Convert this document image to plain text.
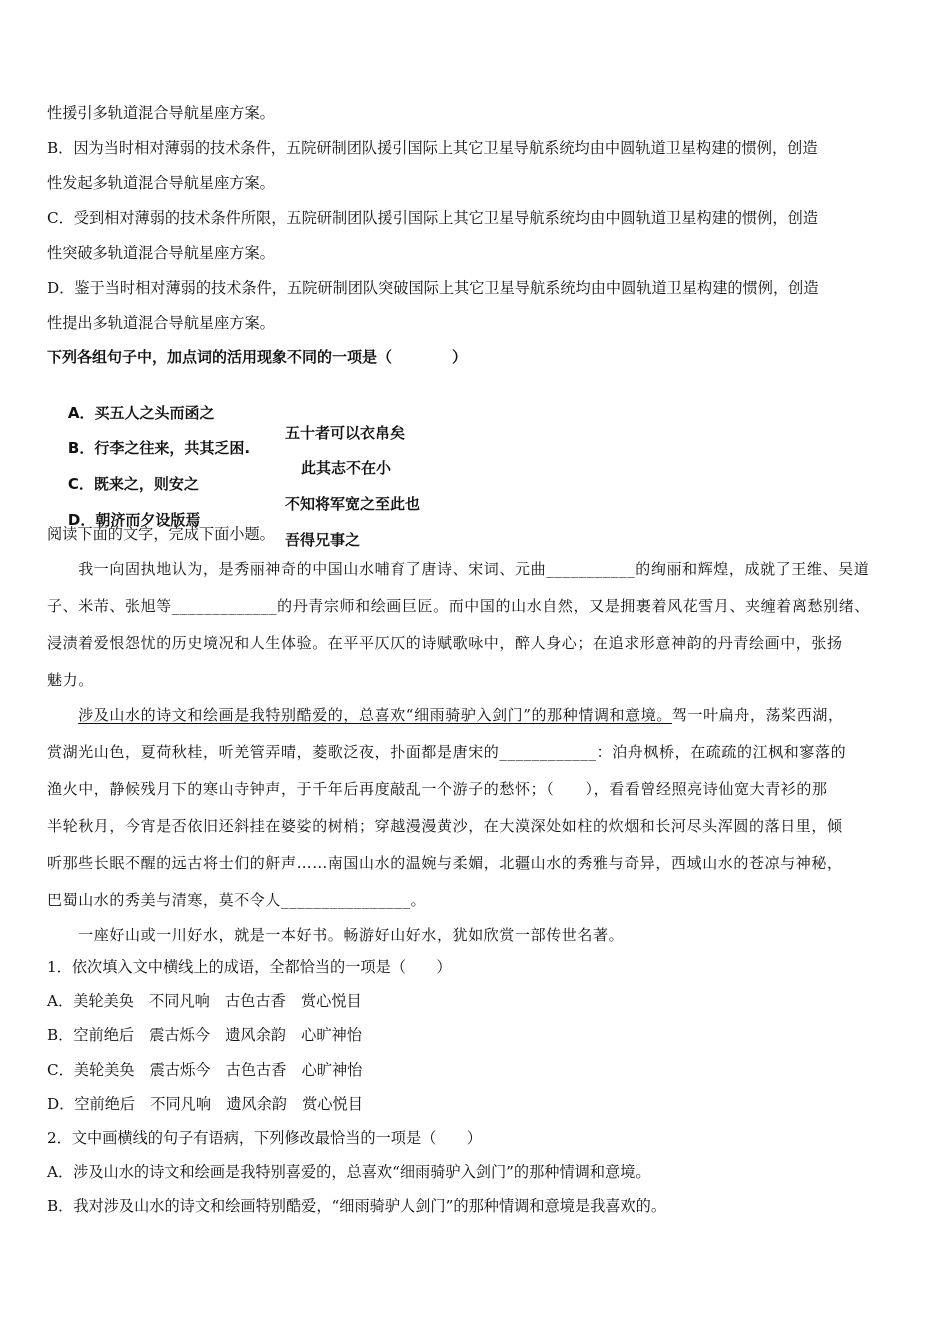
性援引多轨道混合导航星座方案。
B．因为当时相对薄弱的技术条件，五院研制团队援引国际上其它卫星导航系统均由中圆轨道卫星构建的惯例，创造
性发起多轨道混合导航星座方案。
C．受到相对薄弱的技术条件所限，五院研制团队援引国际上其它卫星导航系统均由中圆轨道卫星构建的惯例，创造
性突破多轨道混合导航星座方案。
D．鉴于当时相对薄弱的技术条件，五院研制团队突破国际上其它卫星导航系统均由中圆轨道卫星构建的惯例，创造
性提出多轨道混合导航星座方案。
下列各组句子中，加点词的活用现象不同的一项是（　　　　）

A．买五人之头而函之

五十者可以衣帛矣

B．行李之往来，共其乏困.

此其志不在小

C．既来之，则安之

不知将军宽之至此也

D．朝济而夕设版焉

吾得兄事之

阅读下面的文字，完成下面小题。
　　我一向固执地认为，是秀丽神奇的中国山水哺育了唐诗、宋词、元曲___________的绚丽和辉煌，成就了王维、吴道
子、米芾、张旭等_____________的丹青宗师和绘画巨匠。而中国的山水自然，又是拥裹着风花雪月、夹缠着离愁别绪、
浸渍着爱恨怨忧的历史境况和人生体验。在平平仄仄的诗赋歌咏中，醉人身心；在追求形意神韵的丹青绘画中，张扬
魅力。
　　涉及山水的诗文和绘画是我特别酷爱的，总喜欢“细雨骑驴入剑门”的那种情调和意境。驾一叶扁舟，荡桨西湖，
赏湖光山色，夏荷秋桂，听羌管弄晴，菱歌泛夜，扑面都是唐宋的____________：泊舟枫桥，在疏疏的江枫和寥落的
渔火中，静候残月下的寒山寺钟声，于千年后再度敲乱一个游子的愁怀；（　　），看看曾经照亮诗仙宽大青衫的那
半轮秋月，今宵是否依旧还斜挂在婆娑的树梢；穿越漫漫黄沙，在大漠深处如柱的炊烟和长河尽头浑圆的落日里，倾
听那些长眠不醒的远古将士们的鼾声……南国山水的温婉与柔媚，北疆山水的秀雅与奇异，西域山水的苍凉与神秘，
巴蜀山水的秀美与清寒，莫不令人________________。
　　一座好山或一川好水，就是一本好书。畅游好山好水，犹如欣赏一部传世名著。
1．依次填入文中横线上的成语，全都恰当的一项是（　　）
A．美轮美奂　不同凡响　古色古香　赏心悦目
B．空前绝后　震古烁今　遗风余韵　心旷神怡
C．美轮美奂　震古烁今　古色古香　心旷神怡
D．空前绝后　不同凡响　遗风余韵　赏心悦目
2．文中画横线的句子有语病，下列修改最恰当的一项是（　　）
A．涉及山水的诗文和绘画是我特别喜爱的，总喜欢“细雨骑驴入剑门”的那种情调和意境。
B．我对涉及山水的诗文和绘画特别酷爱，“细雨骑驴人剑门”的那种情调和意境是我喜欢的。
